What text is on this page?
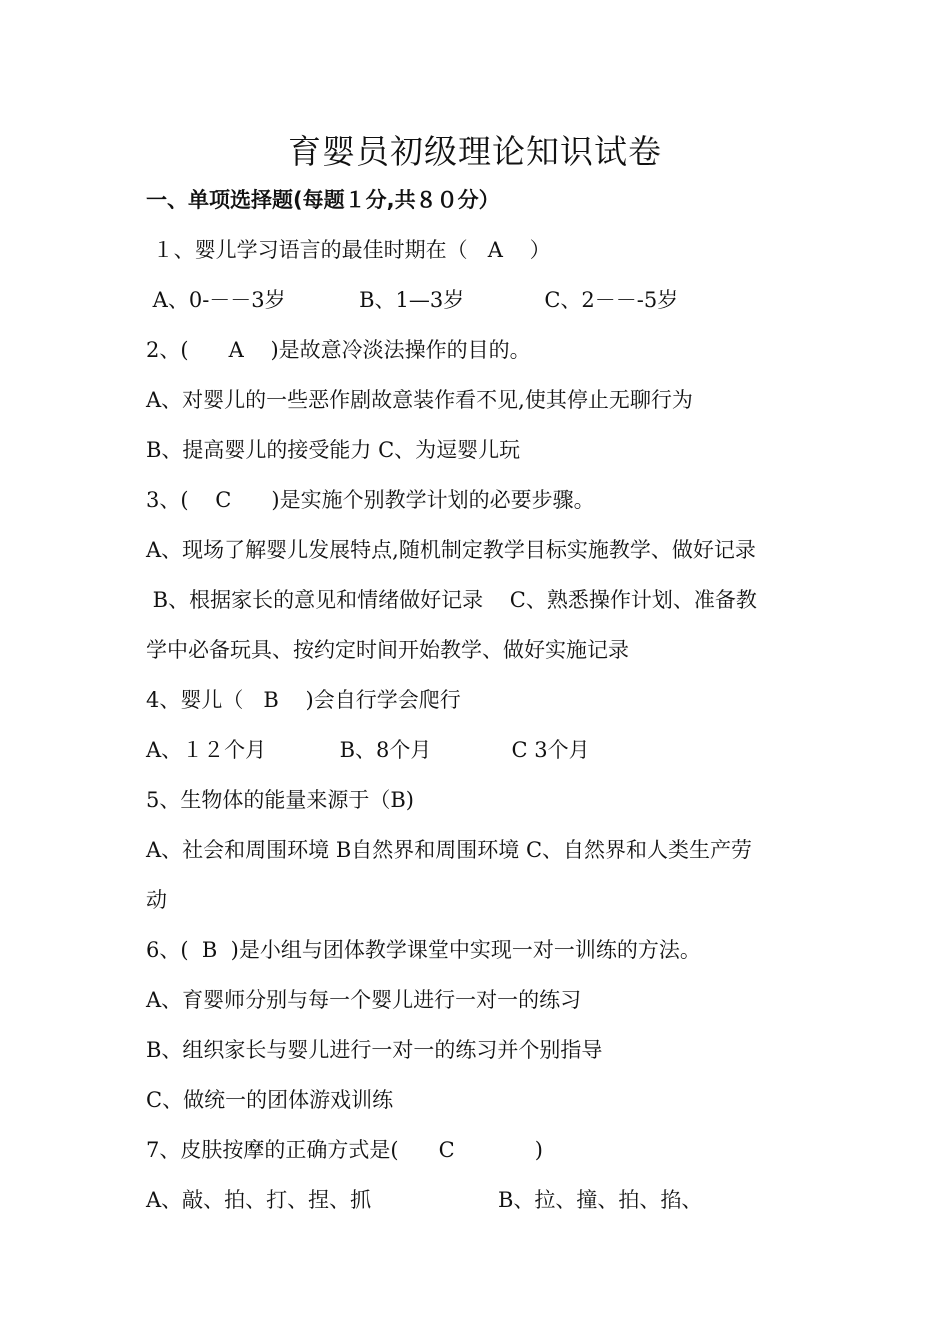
育婴员初级理论知识试卷
一、单项选择题(每题１分,共８０分）
１、婴儿学习语言的最佳时期在（   A    ）
A、0-－－3岁           B、1—3岁            C、2－－-5岁
2、(      A    )是故意冷淡法操作的目的。
A、对婴儿的一些恶作剧故意装作看不见,使其停止无聊行为
B、提高婴儿的接受能力 C、为逗婴儿玩
3、(    C      )是实施个别教学计划的必要步骤。
A、现场了解婴儿发展特点,随机制定教学目标实施教学、做好记录
B、根据家长的意见和情绪做好记录    C、熟悉操作计划、准备教
学中必备玩具、按约定时间开始教学、做好实施记录
4、婴儿（   B    )会自行学会爬行
A、１２个月           B、8个月            C 3个月
5、生物体的能量来源于（B)
A、社会和周围环境 B自然界和周围环境 C、自然界和人类生产劳
动
6、(  B  )是小组与团体教学课堂中实现一对一训练的方法。
A、育婴师分别与每一个婴儿进行一对一的练习
B、组织家长与婴儿进行一对一的练习并个别指导
C、做统一的团体游戏训练
7、皮肤按摩的正确方式是(      C            )
A、敲、拍、打、捏、抓                   B、拉、撞、拍、掐、
